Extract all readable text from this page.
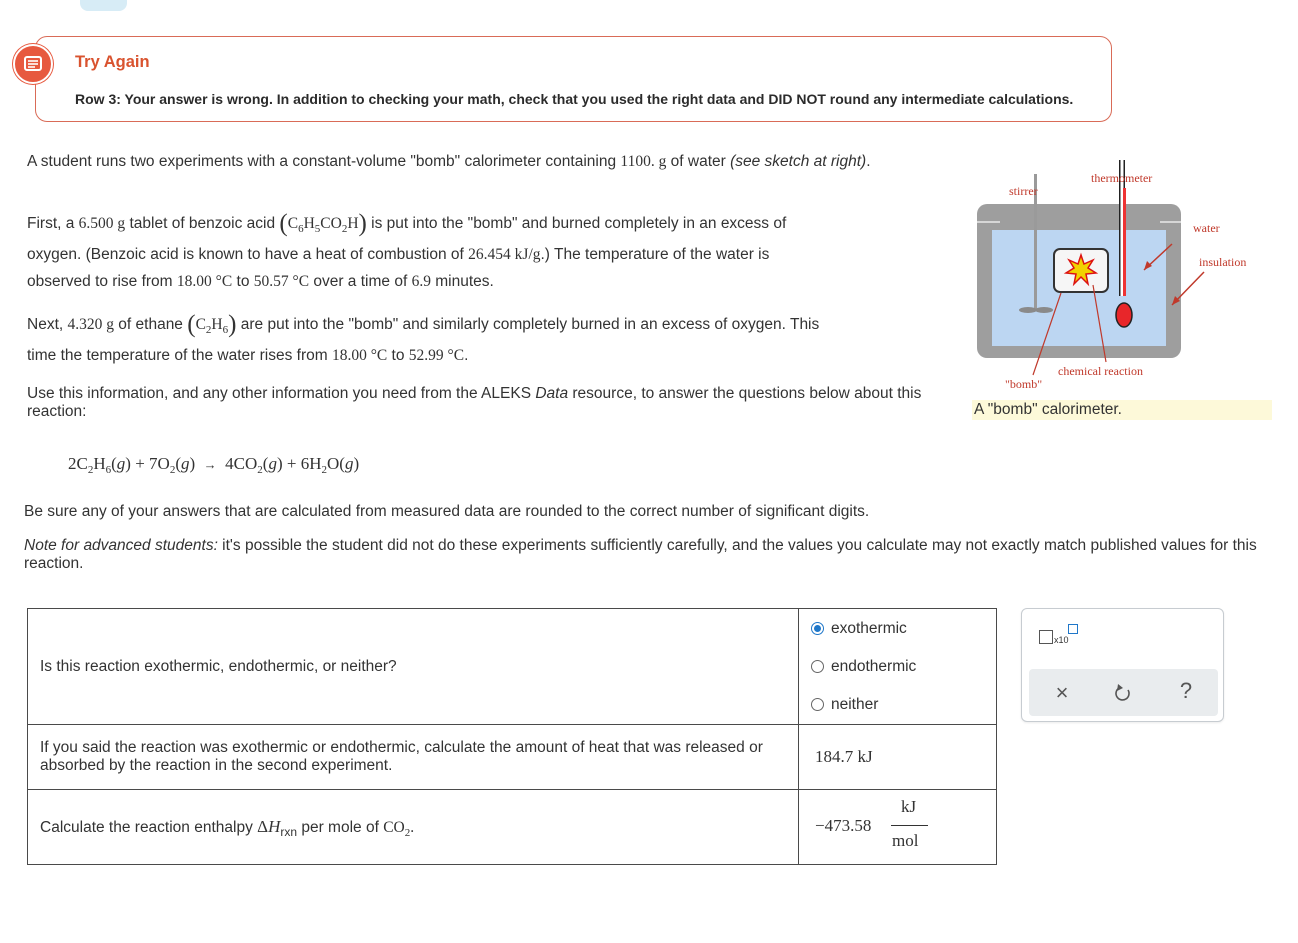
Try Again
Row 3: Your answer is wrong. In addition to checking your math, check that you used the right data and DID NOT round any intermediate calculations.
A student runs two experiments with a constant-volume "bomb" calorimeter containing 1100. g of water (see sketch at right).
First, a 6.500 g tablet of benzoic acid $(C_6H_5CO_2H)$ is put into the "bomb" and burned completely in an excess of
oxygen. (Benzoic acid is known to have a heat of combustion of 26.454 kJ/g.) The temperature of the water is
observed to rise from 18.00 °C to 50.57 °C over a time of 6.9 minutes.
Next, 4.320 g of ethane $(C_2H_6)$ are put into the "bomb" and similarly completely burned in an excess of oxygen. This
time the temperature of the water rises from 18.00 °C to 52.99 °C.
Use this information, and any other information you need from the ALEKS Data resource, to answer the questions below about this reaction:
$2C_2H_6(g) + 7O_2(g) \to 4CO_2(g) + 6H_2O(g)$
Be sure any of your answers that are calculated from measured data are rounded to the correct number of significant digits.
Note for advanced students: it's possible the student did not do these experiments sufficiently carefully, and the values you calculate may not exactly match published values for this reaction.
thermometer
stirrer
water
insulation
chemical reaction
"bomb"
A "bomb" calorimeter.
Is this reaction exothermic, endothermic, or neither?	exothermic
endothermic
neither

If you said the reaction was exothermic or endothermic, calculate the amount of heat that was released or absorbed by the reaction in the second experiment.	184.7 kJ
Calculate the reaction enthalpy $\Delta H_{rxn}$ per mole of $CO_2$.	−473.58
kJ
mol
x10
×	?
